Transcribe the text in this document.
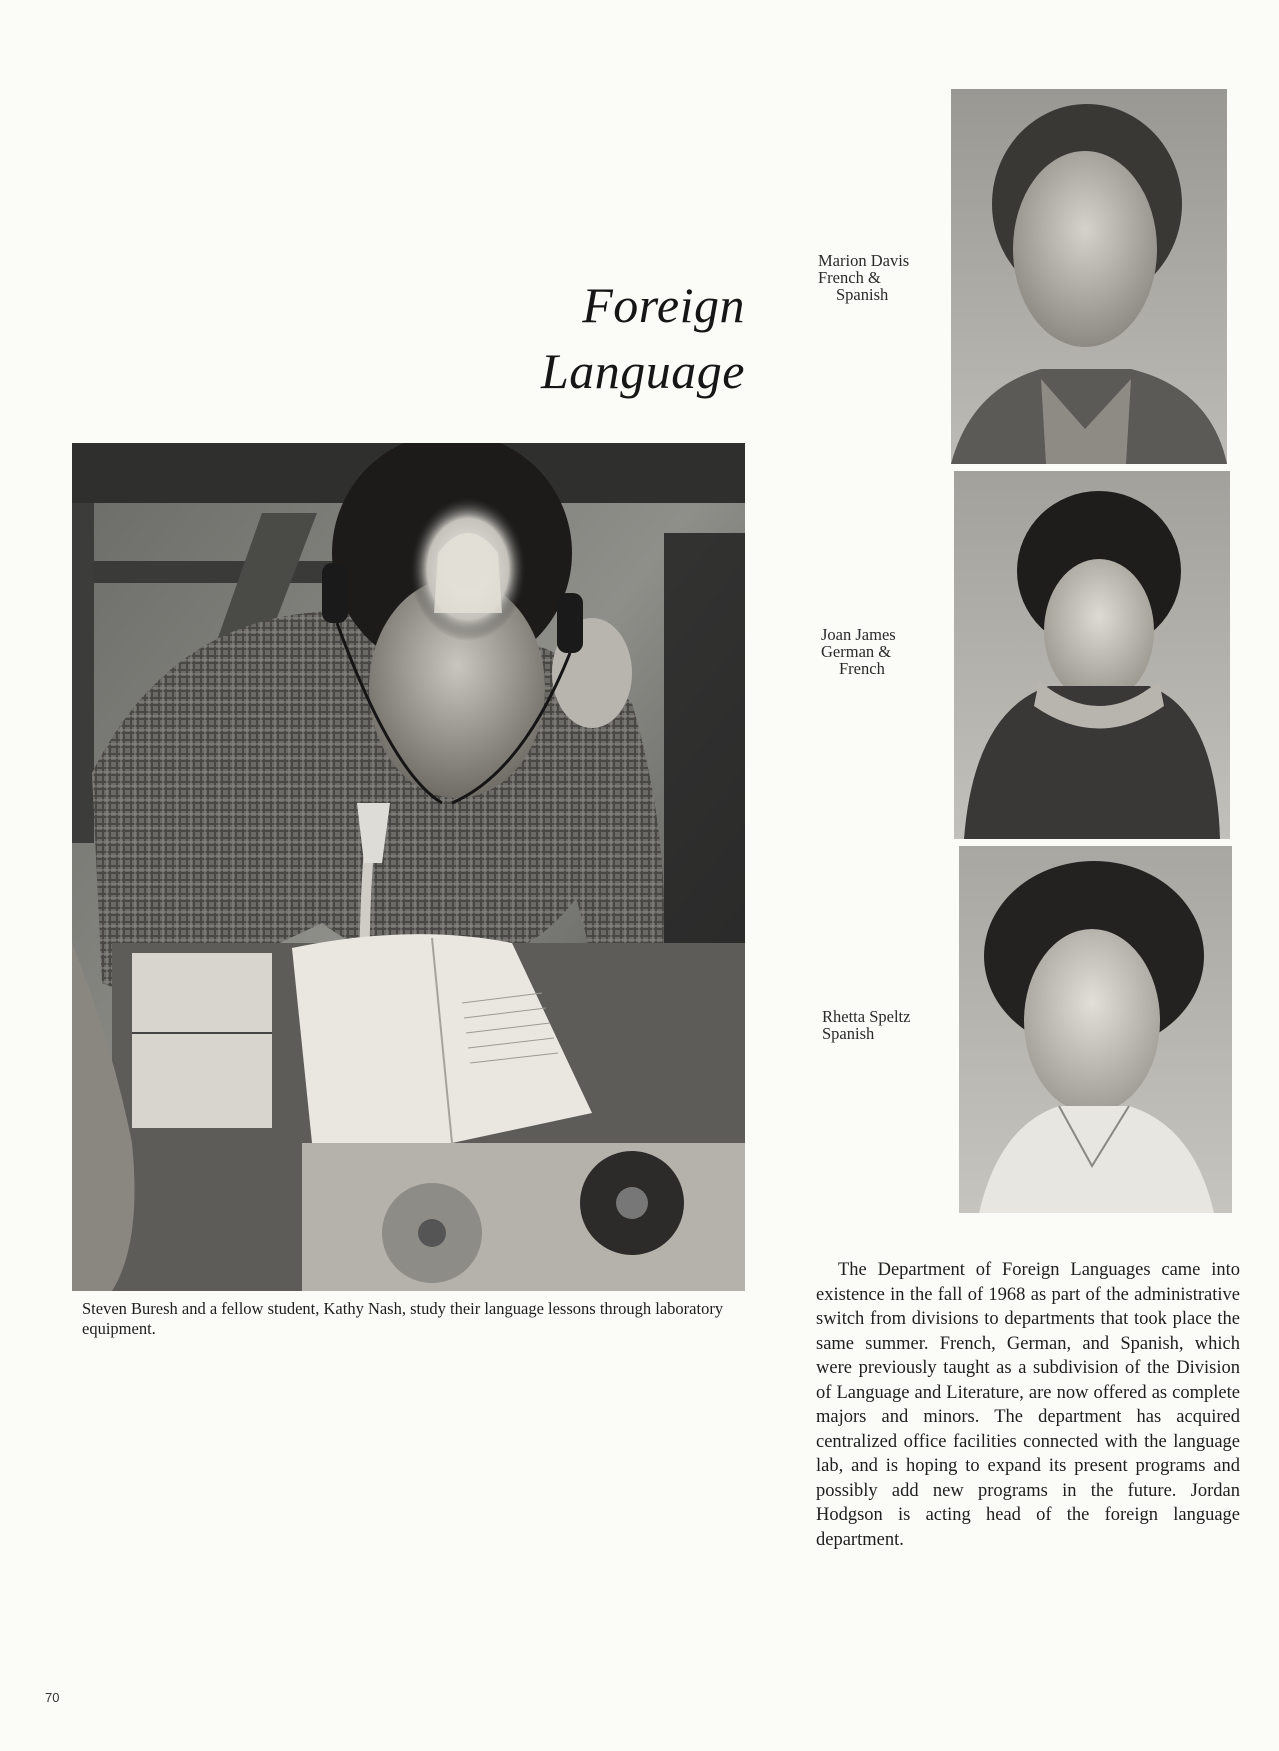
Foreign
Language
Steven Buresh and a fellow student, Kathy Nash, study their language lessons through laboratory equipment.
Marion Davis
French &
Spanish
Joan James
German &
French
Rhetta Speltz
Spanish

The Department of Foreign Languages came into existence in the fall of 1968 as part of the administrative switch from divisions to departments that took place the same summer. French, German, and Spanish, which were previously taught as a subdivision of the Division of Language and Literature, are now offered as complete majors and minors. The department has acquired centralized office facilities connected with the language lab, and is hoping to expand its present programs and possibly add new programs in the future. Jordan Hodgson is acting head of the foreign language department.

70
